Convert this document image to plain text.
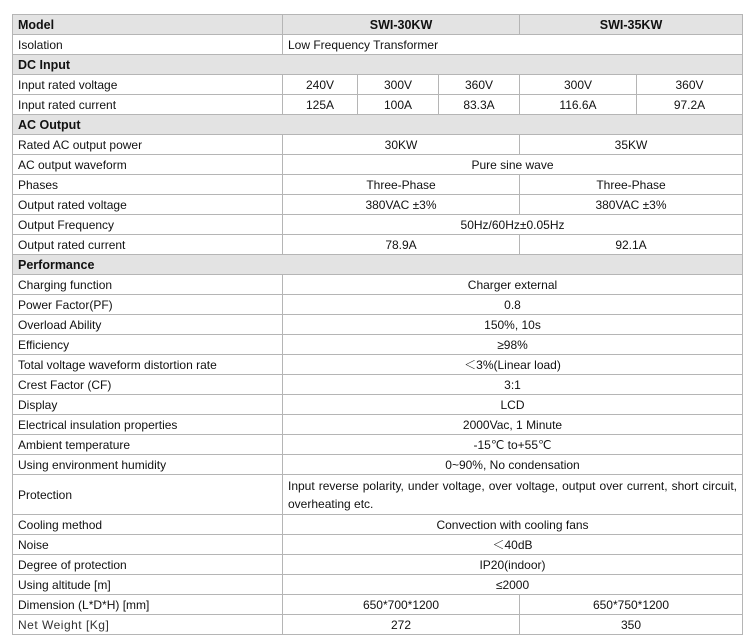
Model	SWI-30KW			SWI-35KW	
Isolation	Low Frequency Transformer				
DC Input					
Input rated voltage	240V	300V	360V	300V	360V
Input rated current	125A	100A	83.3A	116.6A	97.2A
AC Output					
Rated AC output power	30KW			35KW	
AC output waveform	Pure sine wave				
Phases	Three-Phase			Three-Phase	
Output rated voltage	380VAC ±3%			380VAC ±3%	
Output Frequency	50Hz/60Hz±0.05Hz				
Output rated current	78.9A			92.1A	
Performance					
Charging function	Charger external				
Power Factor(PF)	0.8				
Overload Ability	150%, 10s				
Efficiency	≥98%				
Total voltage waveform distortion rate	＜3%(Linear load)				
Crest Factor (CF)	3:1				
Display	LCD				
Electrical insulation properties	2000Vac, 1 Minute				
Ambient temperature	-15℃ to+55℃				
Using environment humidity	0~90%, No condensation				
Protection	Input reverse polarity, under voltage, over voltage, output over current, short circuit, overheating etc.				
Cooling method	Convection with cooling fans				
Noise	＜40dB				
Degree of protection	IP20(indoor)				
Using altitude [m]	≤2000				
Dimension (L*D*H) [mm]	650*700*1200			650*750*1200	
Net Weight [Kg]	272			350	
